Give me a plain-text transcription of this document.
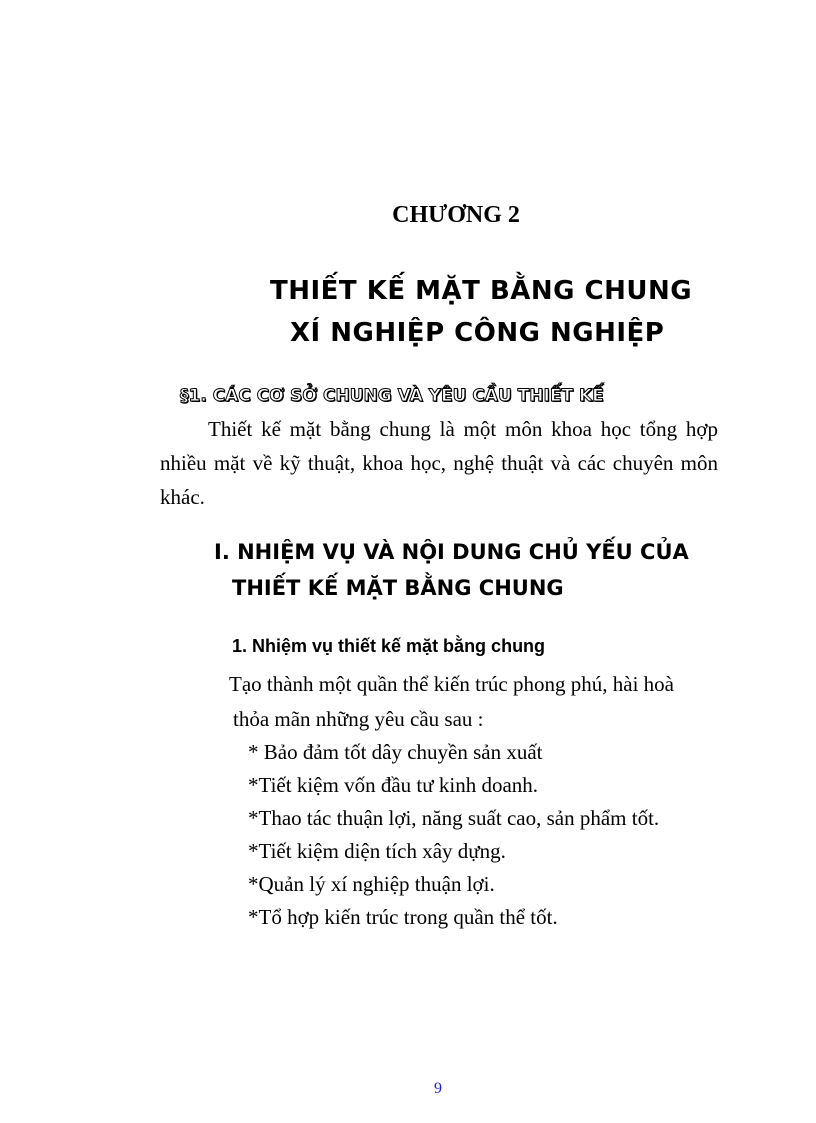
CHƯƠNG 2
THIẾT KẾ MẶT BẰNG CHUNG
XÍ NGHIỆP CÔNG NGHIỆP
§1. CÁC CƠ SỞ CHUNG VÀ YÊU CẦU THIẾT KẾ
Thiết kế mặt bằng chung là một môn khoa học tổng hợp nhiều mặt về kỹ thuật, khoa học, nghệ thuật và các chuyên môn khác.
I. NHIỆM VỤ VÀ NỘI DUNG CHỦ YẾU CỦA
THIẾT KẾ MẶT BẰNG CHUNG
1. Nhiệm vụ thiết kế mặt bằng chung
Tạo thành một quần thể kiến trúc phong phú, hài hoà
thỏa mãn những yêu cầu sau :
* Bảo đảm tốt dây chuyền sản xuất
*Tiết kiệm vốn đầu tư kinh doanh.
*Thao tác thuận lợi, năng suất cao, sản phẩm tốt.
*Tiết kiệm diện tích xây dựng.
*Quản lý xí nghiệp thuận lợi.
*Tổ hợp kiến trúc trong quần thể tốt.
9
